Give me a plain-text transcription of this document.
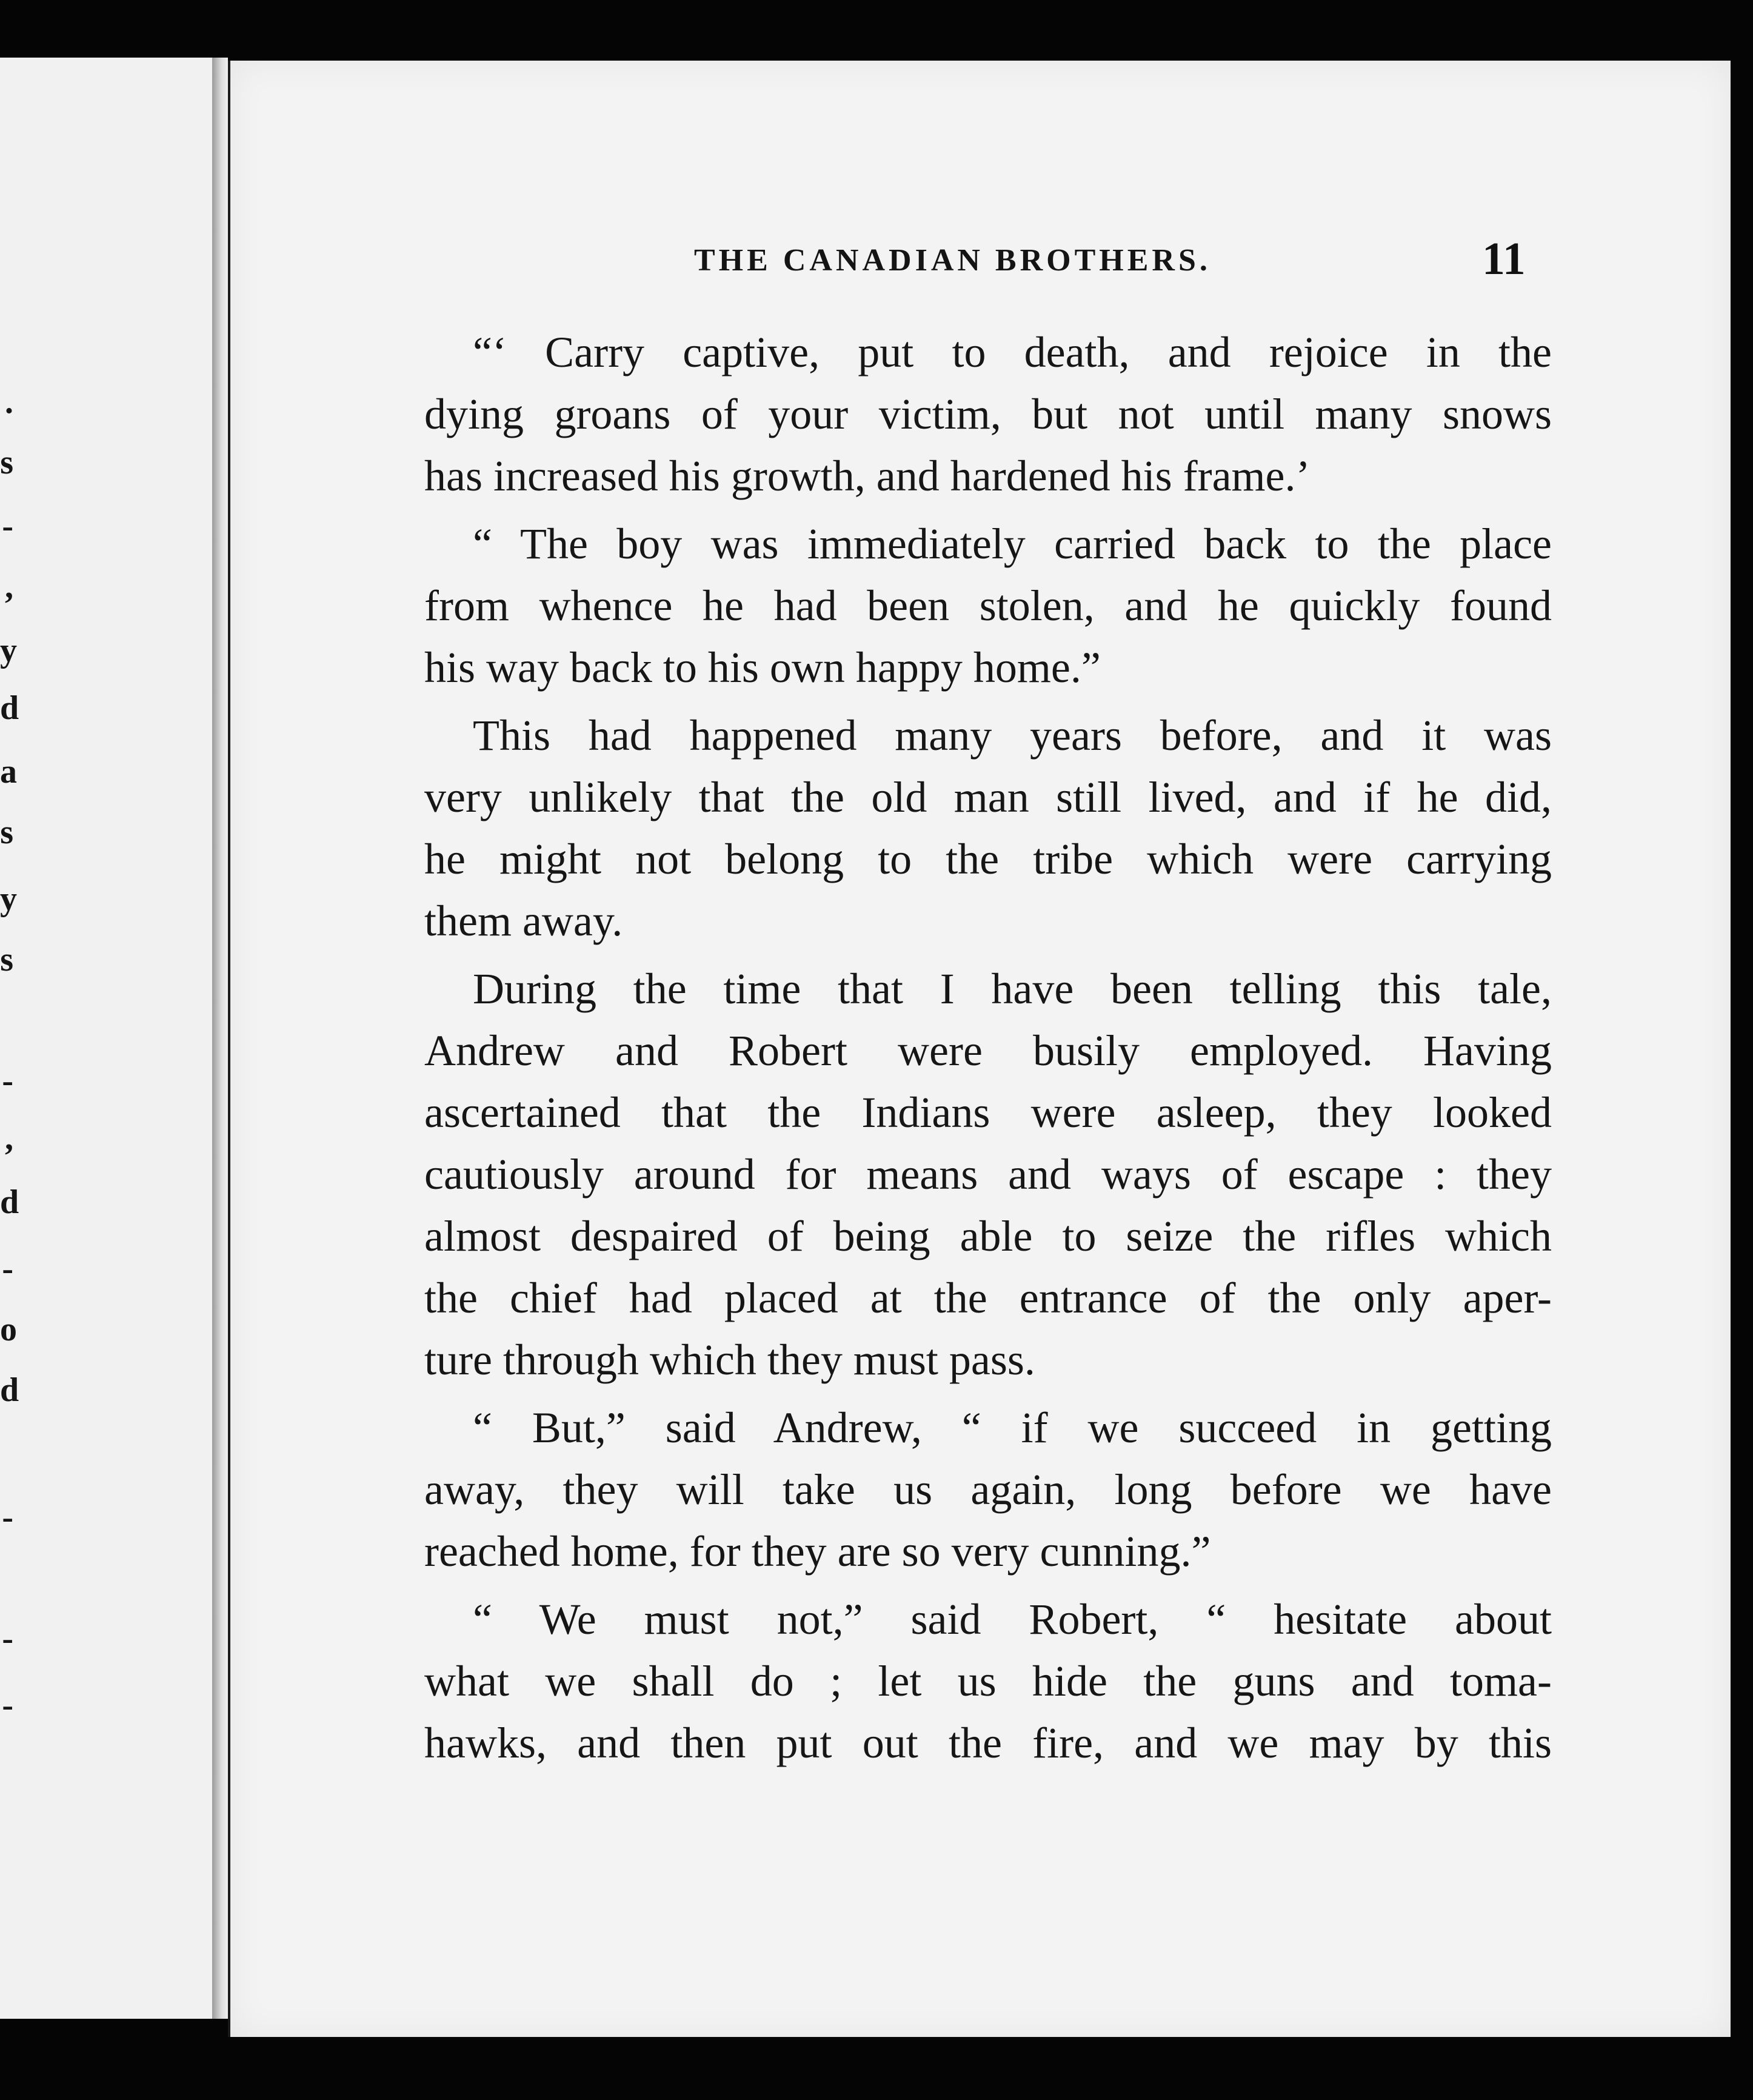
.
s
-
,
y
d
a
s
y
s
-
,
d
-
o
d
-
-
-
THE CANADIAN BROTHERS.	11
“‘ Carry captive, put to death, and rejoice in the
dying groans of your victim, but not until many snows
has increased his growth, and hardened his frame.’
“ The boy was immediately carried back to the place
from whence he had been stolen, and he quickly found
his way back to his own happy home.”
This had happened many years before, and it was
very unlikely that the old man still lived, and if he did,
he might not belong to the tribe which were carrying
them away.
During the time that I have been telling this tale,
Andrew and Robert were busily employed. Having
ascertained that the Indians were asleep, they looked
cautiously around for means and ways of escape : they
almost despaired of being able to seize the rifles which
the chief had placed at the entrance of the only aper-
ture through which they must pass.
“ But,” said Andrew, “ if we succeed in getting
away, they will take us again, long before we have
reached home, for they are so very cunning.”
“ We must not,” said Robert, “ hesitate about
what we shall do ; let us hide the guns and toma-
hawks, and then put out the fire, and we may by this
